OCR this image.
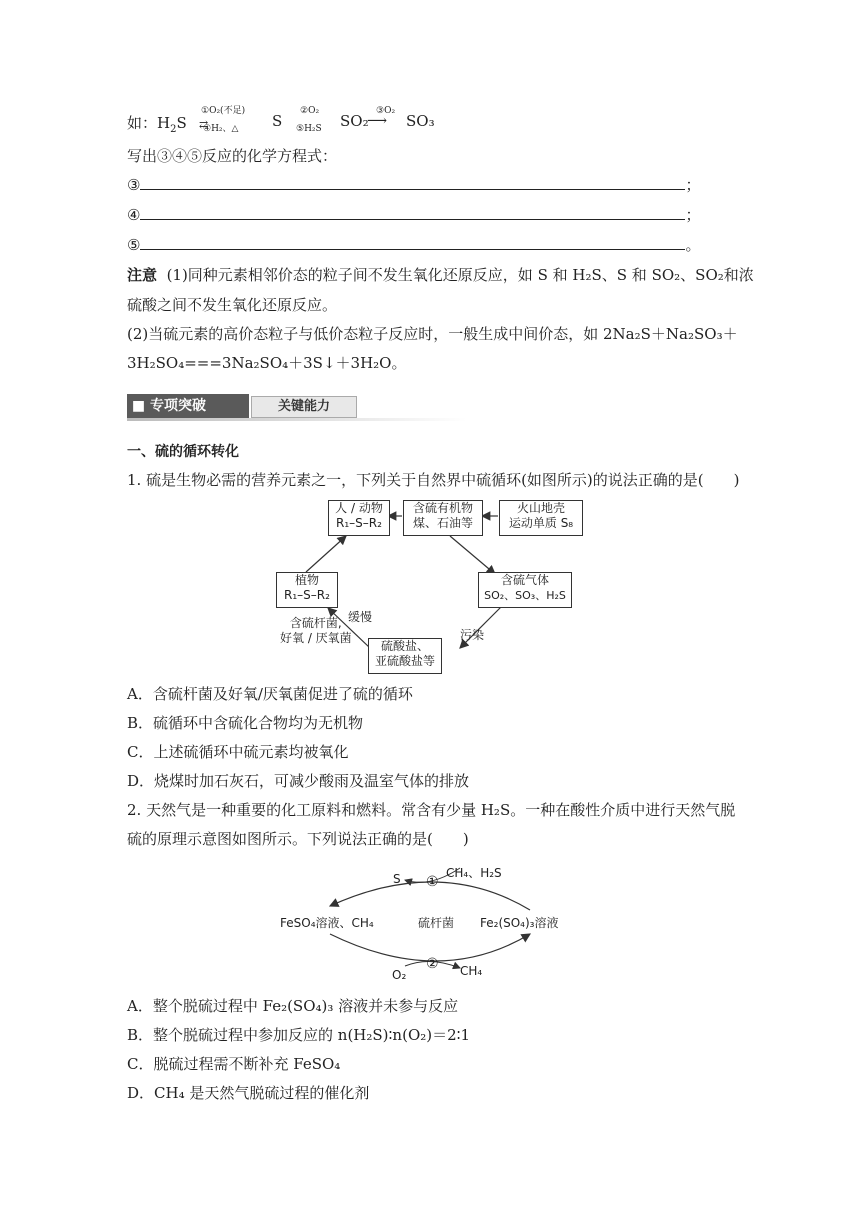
如：$H_2S$
①O₂(不足)
⇄
④H₂、△ S
②O₂
⑤H₂S SO₂
③O₂
⟶ SO₃
写出③④⑤反应的化学方程式：
③	；
④	；
⑤	。
注意 (1)同种元素相邻价态的粒子间不发生氧化还原反应，如 S 和 H₂S、S 和 SO₂、SO₂和浓
硫酸之间不发生氧化还原反应。
(2)当硫元素的高价态粒子与低价态粒子反应时，一般生成中间价态，如 2Na₂S＋Na₂SO₃＋
3H₂SO₄===3Na₂SO₄＋3S↓＋3H₂O。
■ 专项突破	关键能力
一、硫的循环转化
1. 硫是生物必需的营养元素之一，下列关于自然界中硫循环(如图所示)的说法正确的是(　　)
人 / 动物
R₁–S–R₂
含硫有机物
煤、石油等
火山地壳
运动单质 S₈
植物
R₁–S–R₂
含硫气体
SO₂、SO₃、H₂S
硫酸盐、
亚硫酸盐等
缓慢
含硫杆菌,
好氧 / 厌氧菌	污染
A．含硫杆菌及好氧/厌氧菌促进了硫的循环
B．硫循环中含硫化合物均为无机物
C．上述硫循环中硫元素均被氧化
D．烧煤时加石灰石，可减少酸雨及温室气体的排放
2. 天然气是一种重要的化工原料和燃料。常含有少量 H₂S。一种在酸性介质中进行天然气脱
硫的原理示意图如图所示。下列说法正确的是(　　)
S ①
CH₄、H₂S
FeSO₄溶液、CH₄	硫杆菌 Fe₂(SO₄)₃溶液
O₂
② CH₄
A．整个脱硫过程中 Fe₂(SO₄)₃ 溶液并未参与反应
B．整个脱硫过程中参加反应的 n(H₂S)∶n(O₂)＝2∶1
C．脱硫过程需不断补充 FeSO₄
D．CH₄ 是天然气脱硫过程的催化剂
